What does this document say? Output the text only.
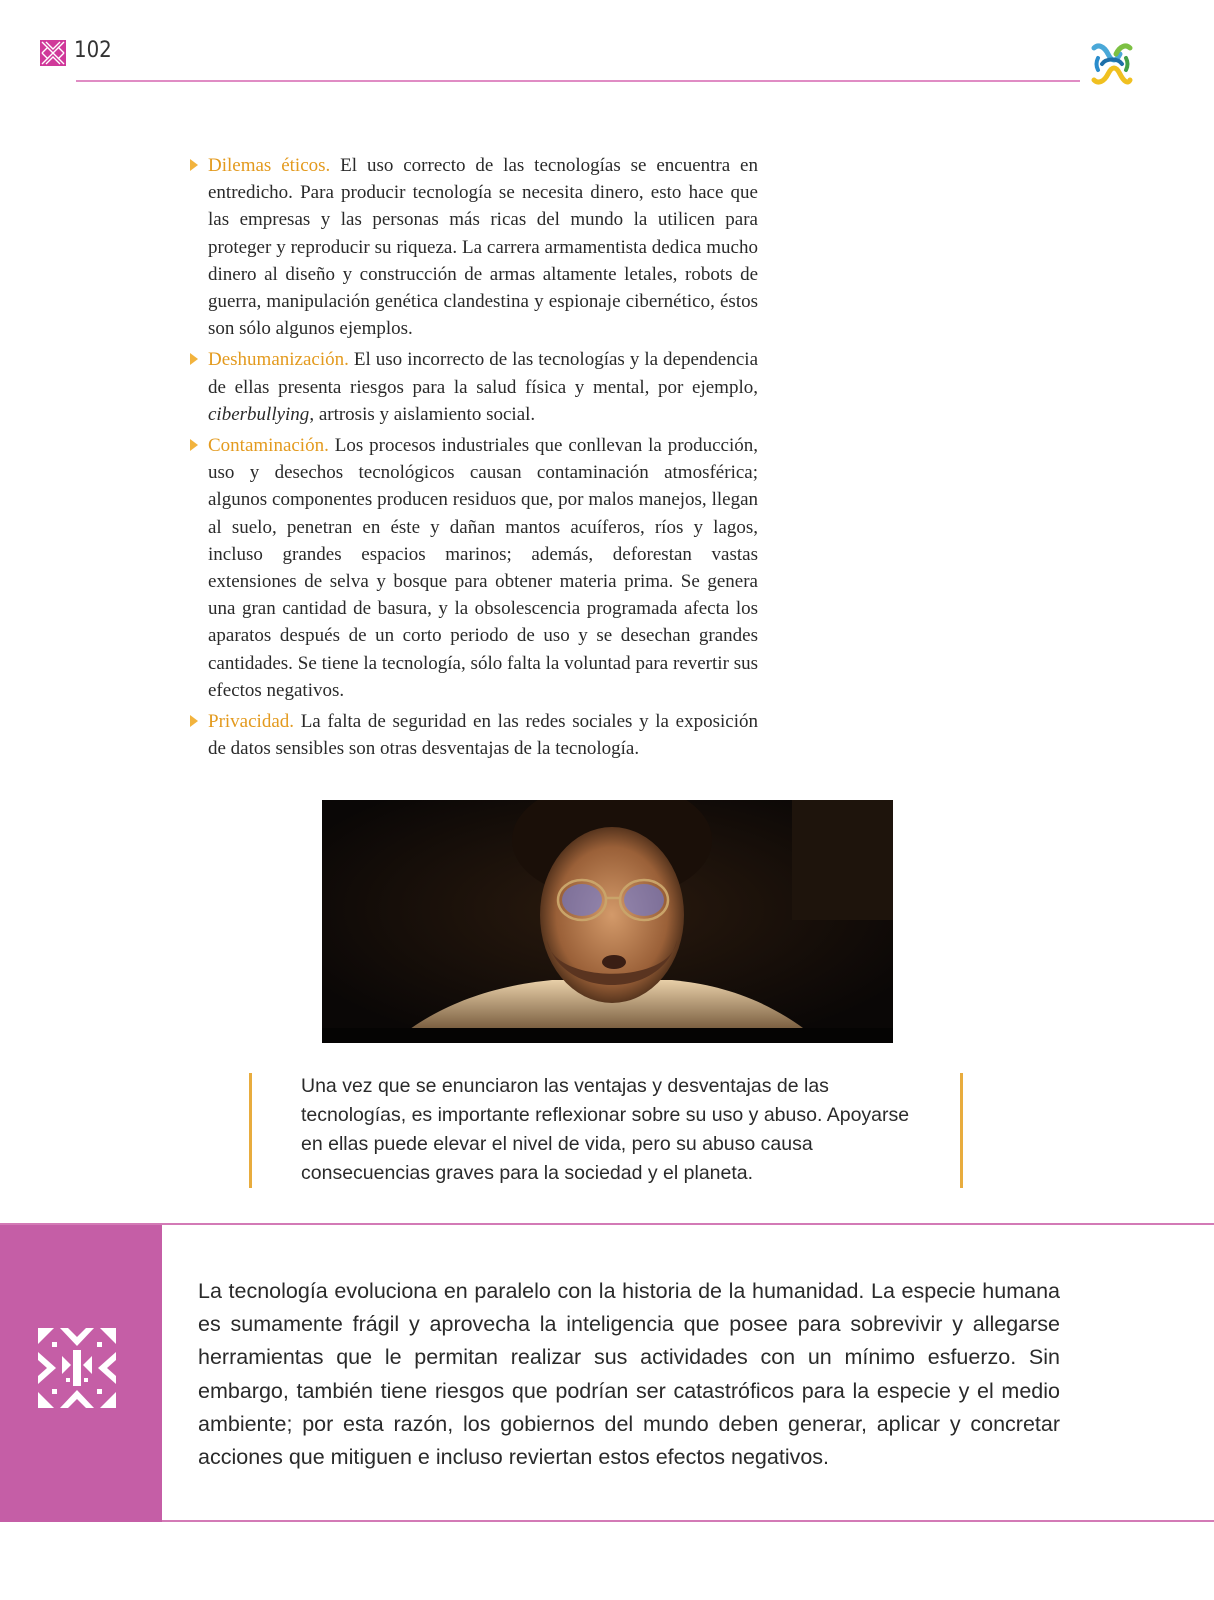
102
Dilemas éticos. El uso correcto de las tecnologías se encuentra en entredicho. Para producir tecnología se necesita dinero, esto hace que las empresas y las personas más ricas del mundo la utilicen para proteger y reproducir su riqueza. La carrera armamentista dedica mucho dinero al diseño y construcción de armas altamente letales, robots de guerra, manipulación genética clandestina y espionaje cibernético, éstos son sólo algunos ejemplos.
Deshumanización. El uso incorrecto de las tecnologías y la dependencia de ellas presenta riesgos para la salud física y mental, por ejemplo, ciberbullying, artrosis y aislamiento social.
Contaminación. Los procesos industriales que conllevan la producción, uso y desechos tecnológicos causan contaminación atmosférica; algunos componentes producen residuos que, por malos manejos, llegan al suelo, penetran en éste y dañan mantos acuíferos, ríos y lagos, incluso grandes espacios marinos; además, deforestan vastas extensiones de selva y bosque para obtener materia prima. Se genera una gran cantidad de basura, y la obsolescencia programada afecta los aparatos después de un corto periodo de uso y se desechan grandes cantidades. Se tiene la tecnología, sólo falta la voluntad para revertir sus efectos negativos.
Privacidad. La falta de seguridad en las redes sociales y la exposición de datos sensibles son otras desventajas de la tecnología.
Una vez que se enunciaron las ventajas y desventajas de las tecnologías, es importante reflexionar sobre su uso y abuso. Apoyarse en ellas puede elevar el nivel de vida, pero su abuso causa consecuencias graves para la sociedad y el planeta.
La tecnología evoluciona en paralelo con la historia de la humanidad. La especie humana es sumamente frágil y aprovecha la inteligencia que posee para sobrevivir y allegarse herramientas que le permitan realizar sus actividades con un mínimo esfuerzo. Sin embargo, también tiene riesgos que podrían ser catastróficos para la especie y el medio ambiente; por esta razón, los gobiernos del mundo deben generar, aplicar y concretar acciones que mitiguen e incluso reviertan estos efectos negativos.
